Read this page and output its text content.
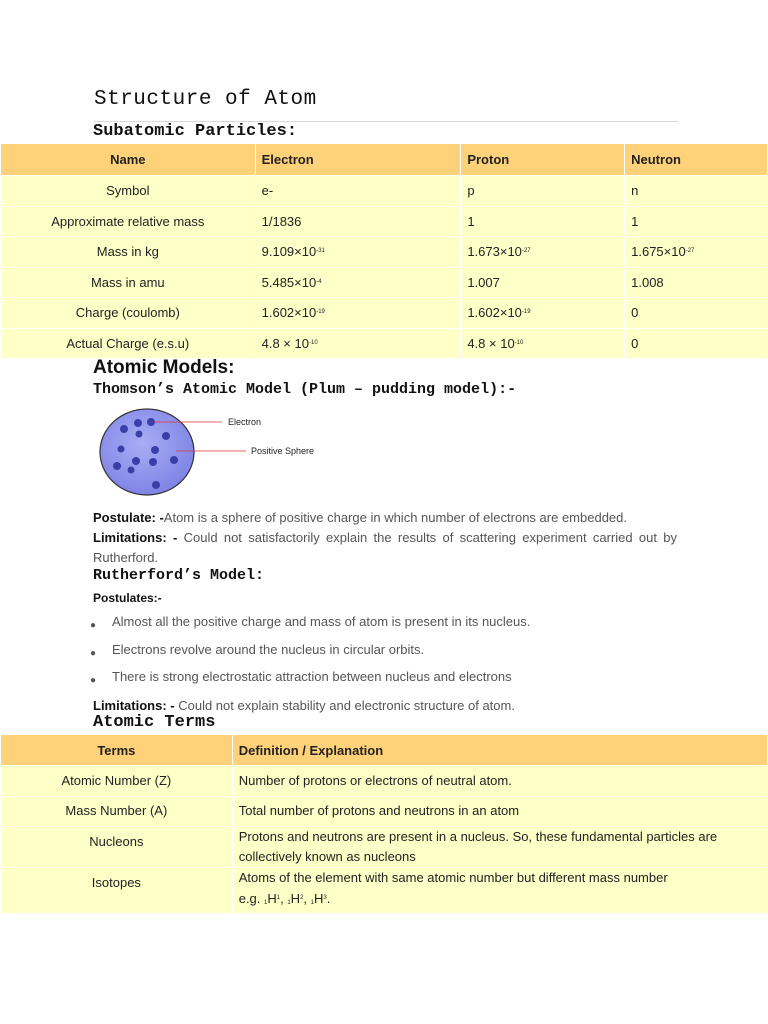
Structure of Atom
Subatomic Particles:
Name	Electron	Proton	Neutron
Symbol	e-	p	n
Approximate relative mass	1/1836	1	1
Mass in kg	$9.109\times 10^{-31}$	$1.673\times 10^{-27}$	$1.675\times 10^{-27}$
Mass in amu	$5.485\times 10^{-4}$	1.007	1.008
Charge (coulomb)	$1.602\times 10^{-19}$	$1.602\times 10^{-19}$	0
Actual Charge (e.s.u)	$4.8 \times 10^{-10}$	$4.8 \times 10^{-10}$	0
Atomic Models:
Thomson’s Atomic Model (Plum – pudding model):-
Electron
Positive Sphere
Postulate: -Atom is a sphere of positive charge in which number of electrons are embedded.
Limitations: - Could not satisfactorily explain the results of scattering experiment carried out by Rutherford.
Rutherford’s Model:
Postulates:-
● Almost all the positive charge and mass of atom is present in its nucleus.
● Electrons revolve around the nucleus in circular orbits.
● There is strong electrostatic attraction between nucleus and electrons
Limitations: - Could not explain stability and electronic structure of atom.
Atomic Terms
Terms	Definition / Explanation
Atomic Number (Z)	Number of protons or electrons of neutral atom.
Mass Number (A)	Total number of protons and neutrons in an atom
Nucleons	Protons and neutrons are present in a nucleus. So, these fundamental particles are collectively known as nucleons
Isotopes	Atoms of the element with same atomic number but different mass number
e.g. $_1H^1$, $_1H^2$, $_1H^3$.
